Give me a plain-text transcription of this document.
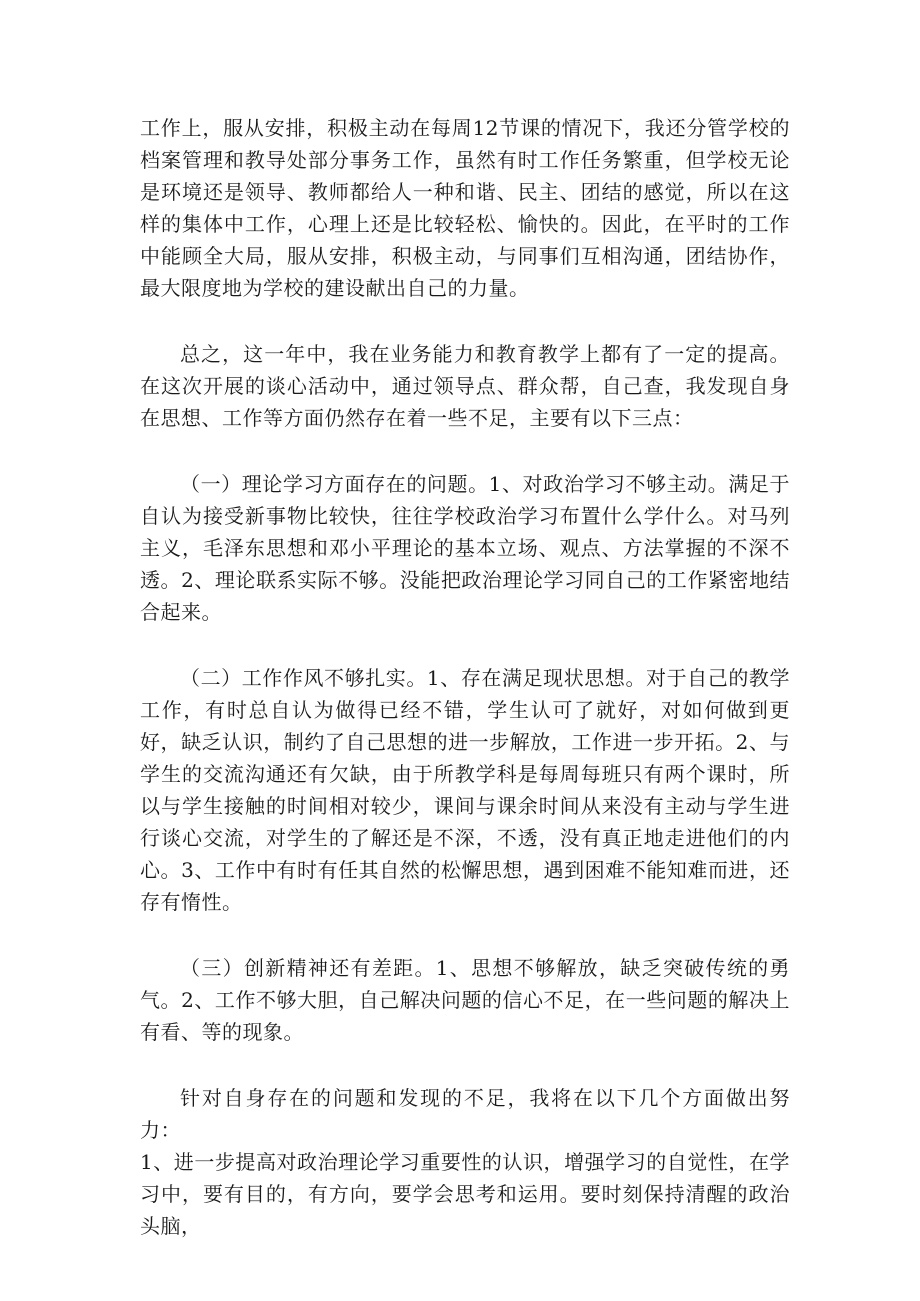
工作上，服从安排，积极主动在每周12节课的情况下，我还分管学校的档案管理和教导处部分事务工作，虽然有时工作任务繁重，但学校无论是环境还是领导、教师都给人一种和谐、民主、团结的感觉，所以在这样的集体中工作，心理上还是比较轻松、愉快的。因此，在平时的工作中能顾全大局，服从安排，积极主动，与同事们互相沟通，团结协作，最大限度地为学校的建设献出自己的力量。

总之，这一年中，我在业务能力和教育教学上都有了一定的提高。在这次开展的谈心活动中，通过领导点、群众帮，自己查，我发现自身在思想、工作等方面仍然存在着一些不足，主要有以下三点：

（一）理论学习方面存在的问题。1、对政治学习不够主动。满足于自认为接受新事物比较快，往往学校政治学习布置什么学什么。对马列主义，毛泽东思想和邓小平理论的基本立场、观点、方法掌握的不深不透。2、理论联系实际不够。没能把政治理论学习同自己的工作紧密地结合起来。

（二）工作作风不够扎实。1、存在满足现状思想。对于自己的教学工作，有时总自认为做得已经不错，学生认可了就好，对如何做到更好，缺乏认识，制约了自己思想的进一步解放，工作进一步开拓。2、与学生的交流沟通还有欠缺，由于所教学科是每周每班只有两个课时，所以与学生接触的时间相对较少，课间与课余时间从来没有主动与学生进行谈心交流，对学生的了解还是不深，不透，没有真正地走进他们的内心。3、工作中有时有任其自然的松懈思想，遇到困难不能知难而进，还存有惰性。

（三）创新精神还有差距。1、思想不够解放，缺乏突破传统的勇气。2、工作不够大胆，自己解决问题的信心不足，在一些问题的解决上有看、等的现象。

针对自身存在的问题和发现的不足，我将在以下几个方面做出努力：

1、进一步提高对政治理论学习重要性的认识，增强学习的自觉性，在学习中，要有目的，有方向，要学会思考和运用。要时刻保持清醒的政治头脑，
